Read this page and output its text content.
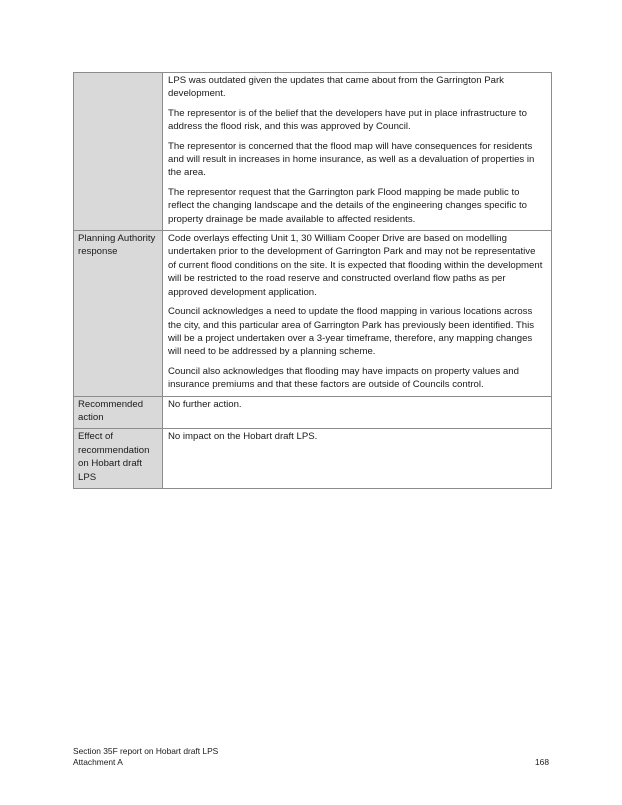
	LPS was outdated given the updates that came about from the Garrington Park development.

The representor is of the belief that the developers have put in place infrastructure to address the flood risk, and this was approved by Council.

The representor is concerned that the flood map will have consequences for residents and will result in increases in home insurance, as well as a devaluation of properties in the area.

The representor request that the Garrington park Flood mapping be made public to reflect the changing landscape and the details of the engineering changes specific to property drainage be made available to affected residents.

Planning Authority response	Code overlays effecting Unit 1, 30 William Cooper Drive are based on modelling undertaken prior to the development of Garrington Park and may not be representative of current flood conditions on the site. It is expected that flooding within the development will be restricted to the road reserve and constructed overland flow paths as per approved development application.

Council acknowledges a need to update the flood mapping in various locations across the city, and this particular area of Garrington Park has previously been identified. This will be a project undertaken over a 3-year timeframe, therefore, any mapping changes will need to be addressed by a planning scheme.

Council also acknowledges that flooding may have impacts on property values and insurance premiums and that these factors are outside of Councils control.

Recommended action	No further action.

Effect of recommendation on Hobart draft LPS	No impact on the Hobart draft LPS.

Section 35F report on Hobart draft LPS
Attachment A	168
